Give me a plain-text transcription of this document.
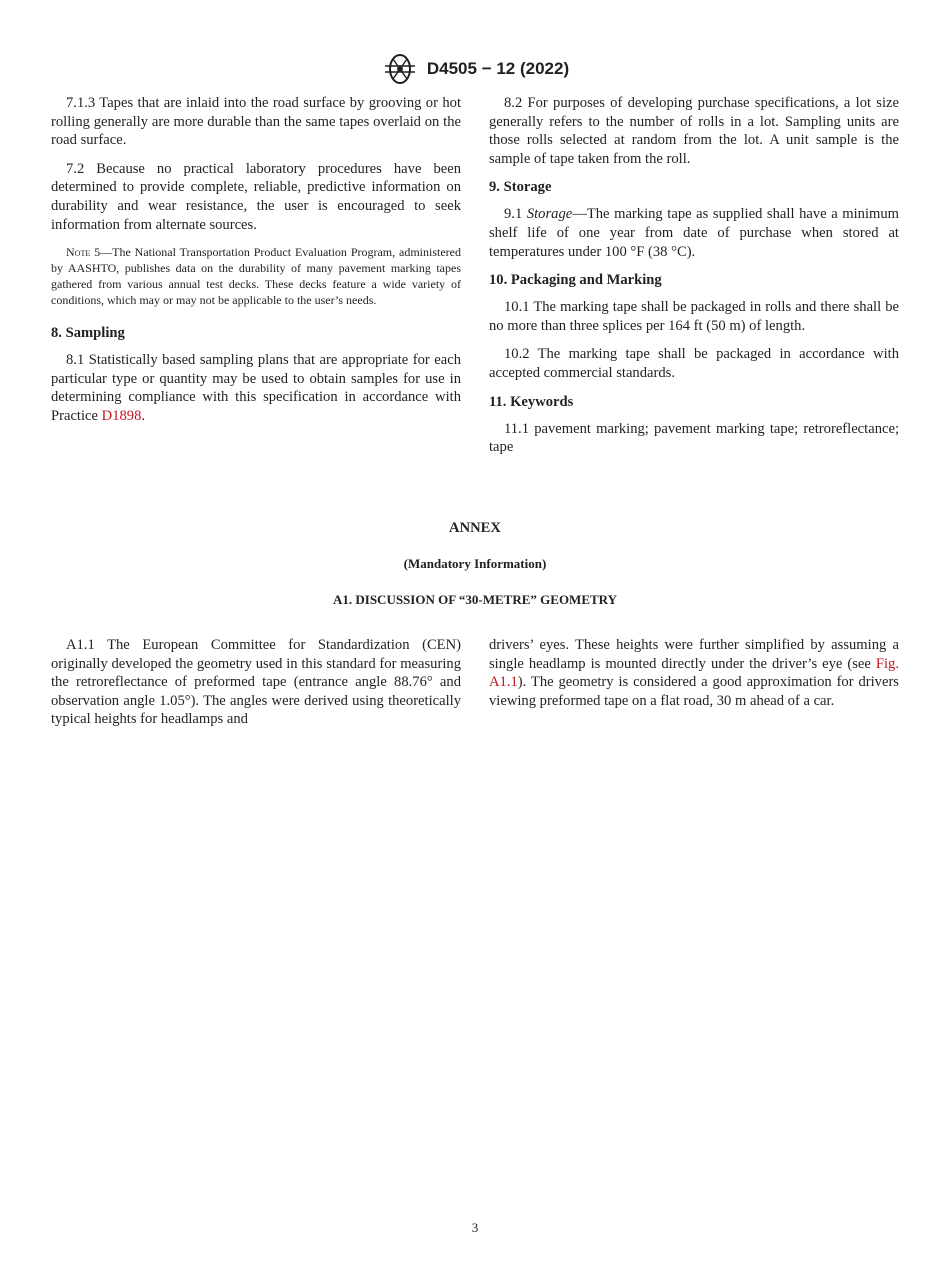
D4505 − 12 (2022)

7.1.3 Tapes that are inlaid into the road surface by grooving or hot rolling generally are more durable than the same tapes overlaid on the road surface.

7.2 Because no practical laboratory procedures have been determined to provide complete, reliable, predictive information on durability and wear resistance, the user is encouraged to seek information from alternate sources.

Note 5—The National Transportation Product Evaluation Program, administered by AASHTO, publishes data on the durability of many pavement marking tapes gathered from various annual test decks. These decks feature a wide variety of conditions, which may or may not be applicable to the user’s needs.

8. Sampling

8.1 Statistically based sampling plans that are appropriate for each particular type or quantity may be used to obtain samples for use in determining compliance with this specification in accordance with Practice D1898.

8.2 For purposes of developing purchase specifications, a lot size generally refers to the number of rolls in a lot. Sampling units are those rolls selected at random from the lot. A unit sample is the sample of tape taken from the roll.

9. Storage

9.1 Storage—The marking tape as supplied shall have a minimum shelf life of one year from date of purchase when stored at temperatures under 100 °F (38 °C).

10. Packaging and Marking

10.1 The marking tape shall be packaged in rolls and there shall be no more than three splices per 164 ft (50 m) of length.

10.2 The marking tape shall be packaged in accordance with accepted commercial standards.

11. Keywords

11.1 pavement marking; pavement marking tape; retroreflectance; tape

ANNEX
(Mandatory Information)
A1. DISCUSSION OF “30-METRE” GEOMETRY

A1.1 The European Committee for Standardization (CEN) originally developed the geometry used in this standard for measuring the retroreflectance of preformed tape (entrance angle 88.76° and observation angle 1.05°). The angles were derived using theoretically typical heights for headlamps and

drivers’ eyes. These heights were further simplified by assuming a single headlamp is mounted directly under the driver’s eye (see Fig. A1.1). The geometry is considered a good approximation for drivers viewing preformed tape on a flat road, 30 m ahead of a car.

3
